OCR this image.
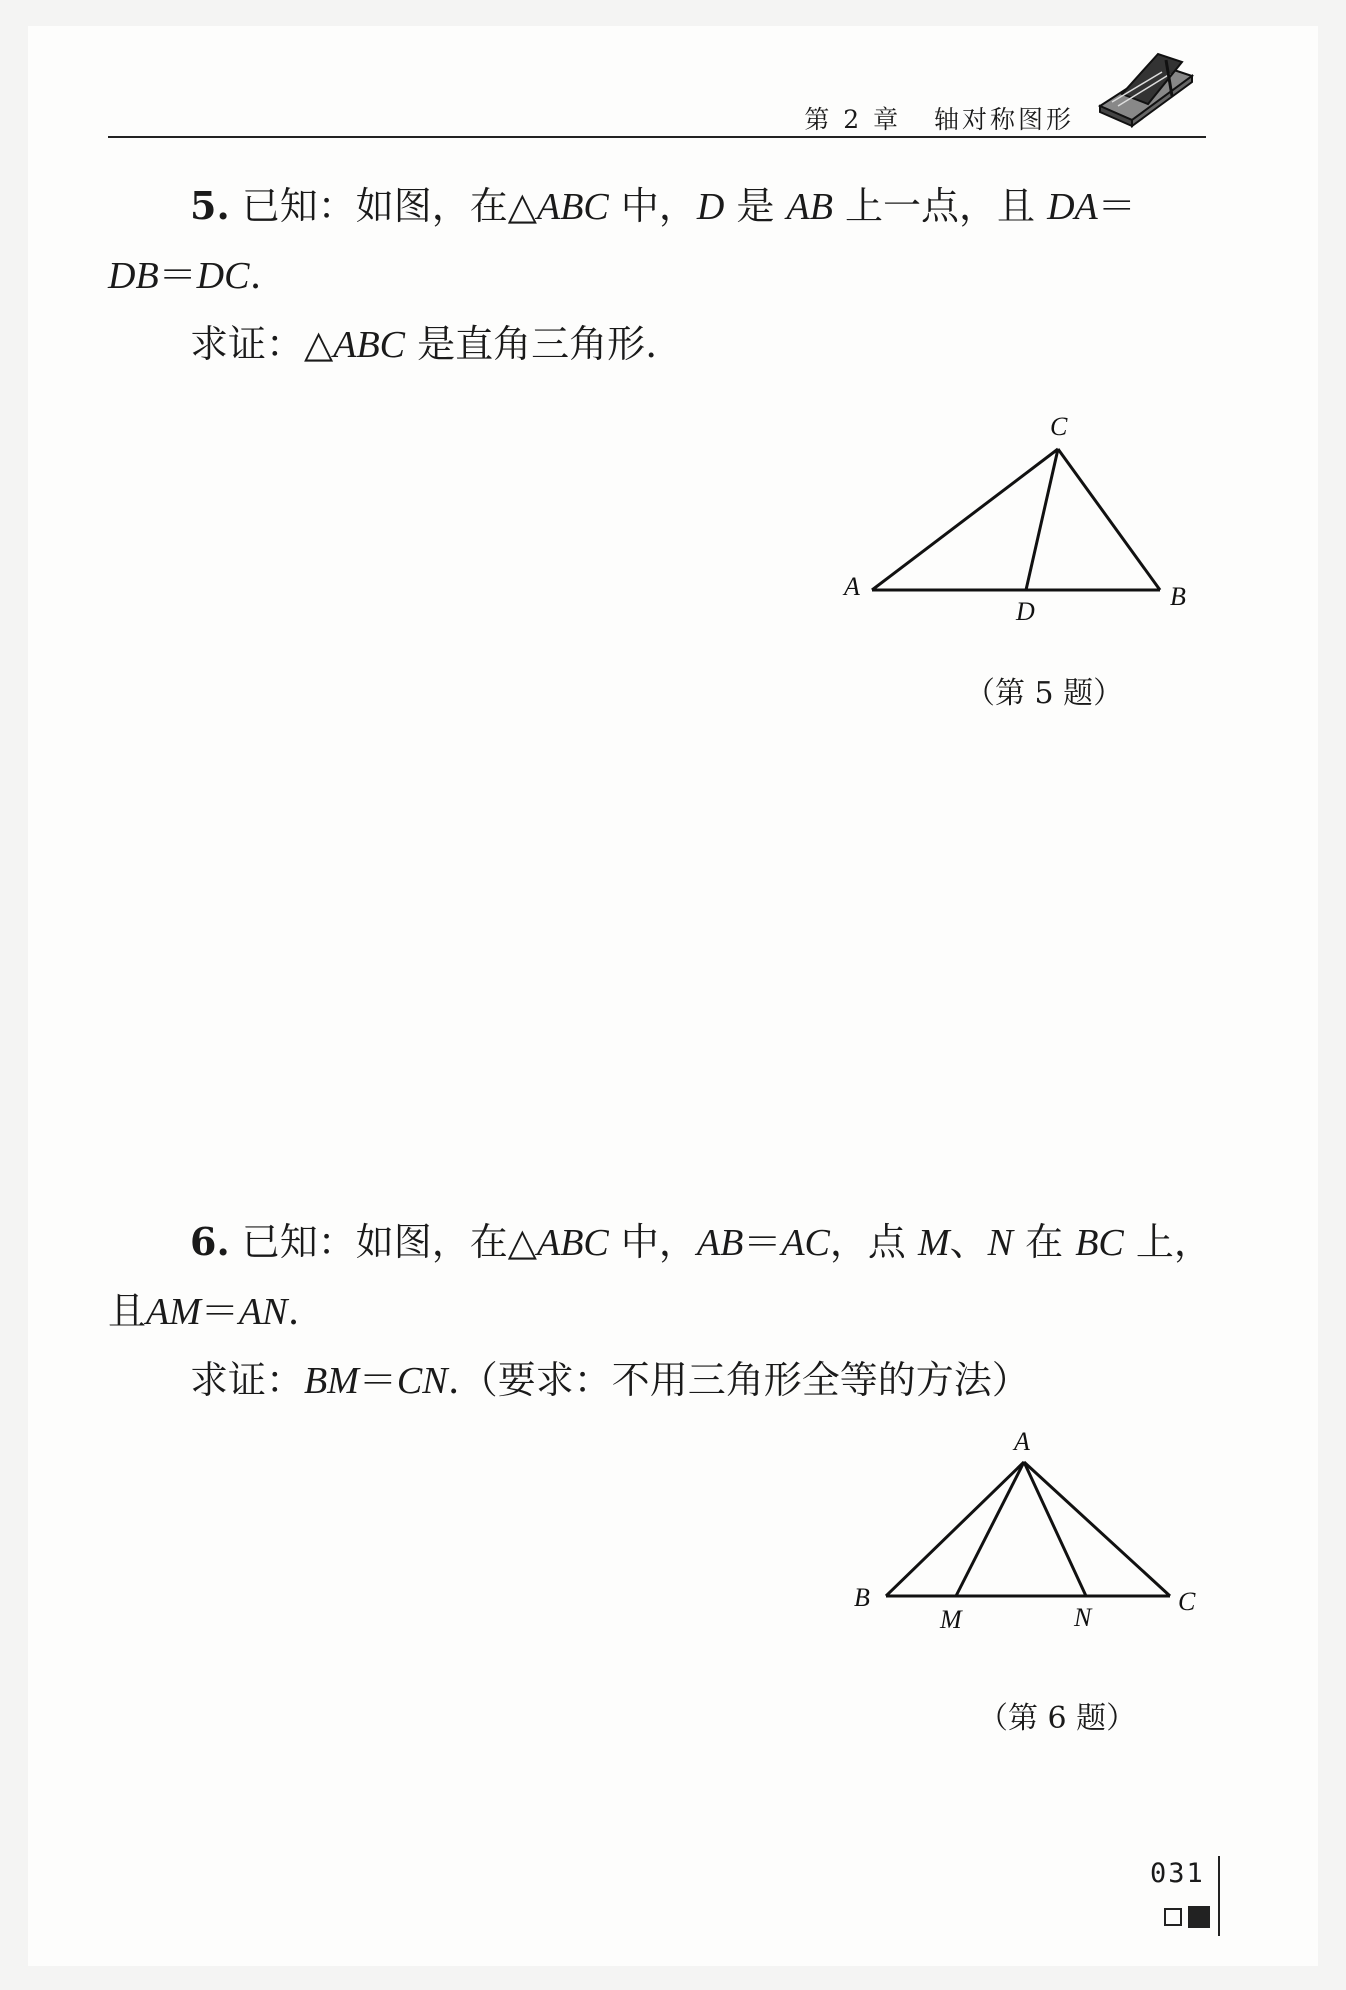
第 2 章 轴对称图形

5. 已知：如图，在△ABC 中，D 是 AB 上一点，且 DA＝

DB＝DC.

求证：△ABC 是直角三角形.

A	B
C
D
（第 5 题）

6. 已知：如图，在△ABC 中，AB＝AC，点 M、N 在 BC 上，

且AM＝AN.

求证：BM＝CN.（要求：不用三角形全等的方法）

A
B	C
M	N
（第 6 题）
031
